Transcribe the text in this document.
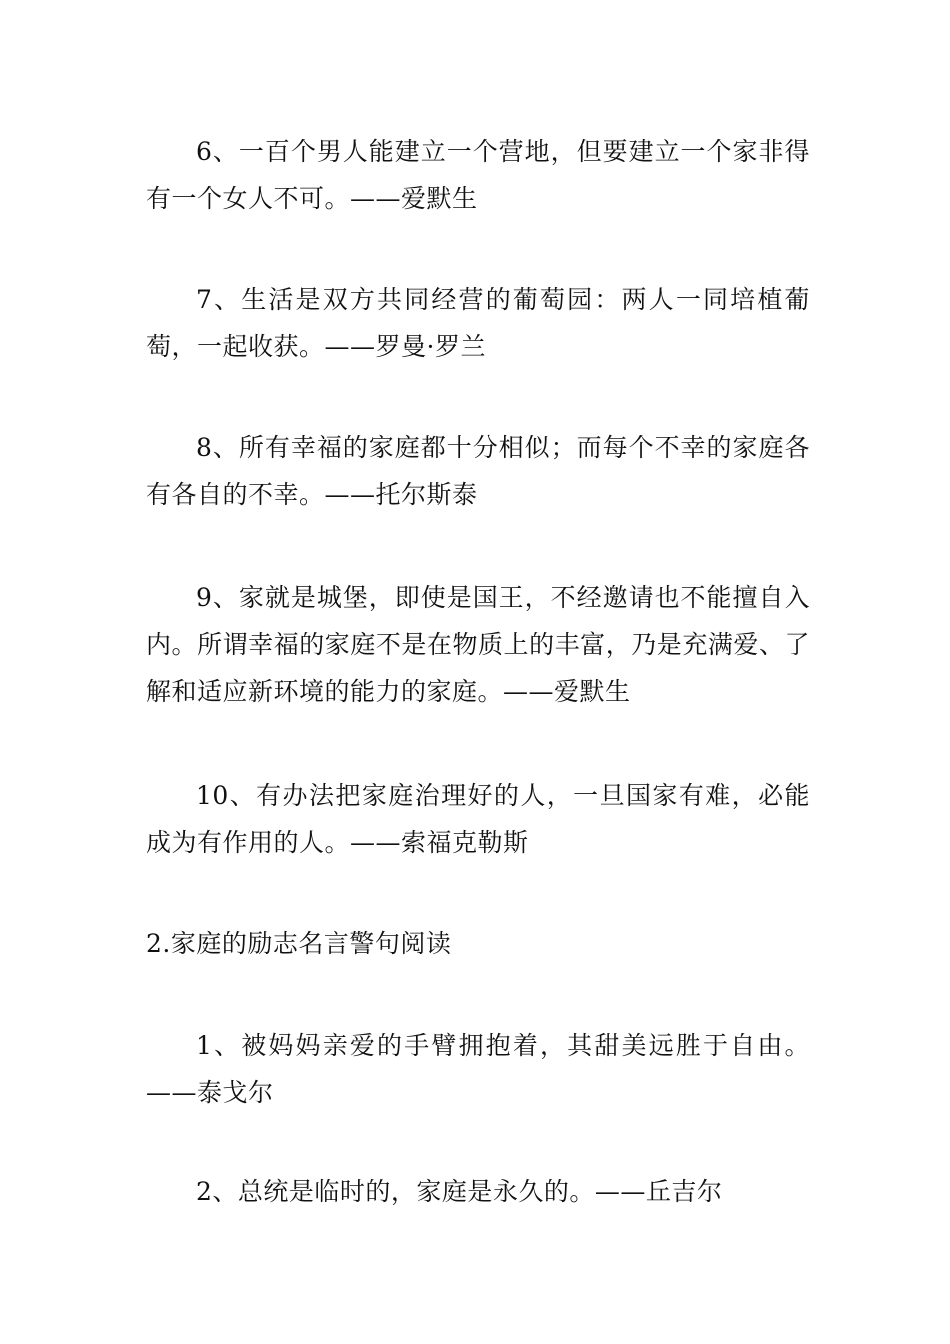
6、一百个男人能建立一个营地，但要建立一个家非得有一个女人不可。——爱默生

7、生活是双方共同经营的葡萄园：两人一同培植葡萄，一起收获。——罗曼·罗兰

8、所有幸福的家庭都十分相似；而每个不幸的家庭各有各自的不幸。——托尔斯泰

9、家就是城堡，即使是国王，不经邀请也不能擅自入内。所谓幸福的家庭不是在物质上的丰富，乃是充满爱、了解和适应新环境的能力的家庭。——爱默生

10、有办法把家庭治理好的人，一旦国家有难，必能成为有作用的人。——索福克勒斯

2.家庭的励志名言警句阅读

1、被妈妈亲爱的手臂拥抱着，其甜美远胜于自由。——泰戈尔

2、总统是临时的，家庭是永久的。——丘吉尔
